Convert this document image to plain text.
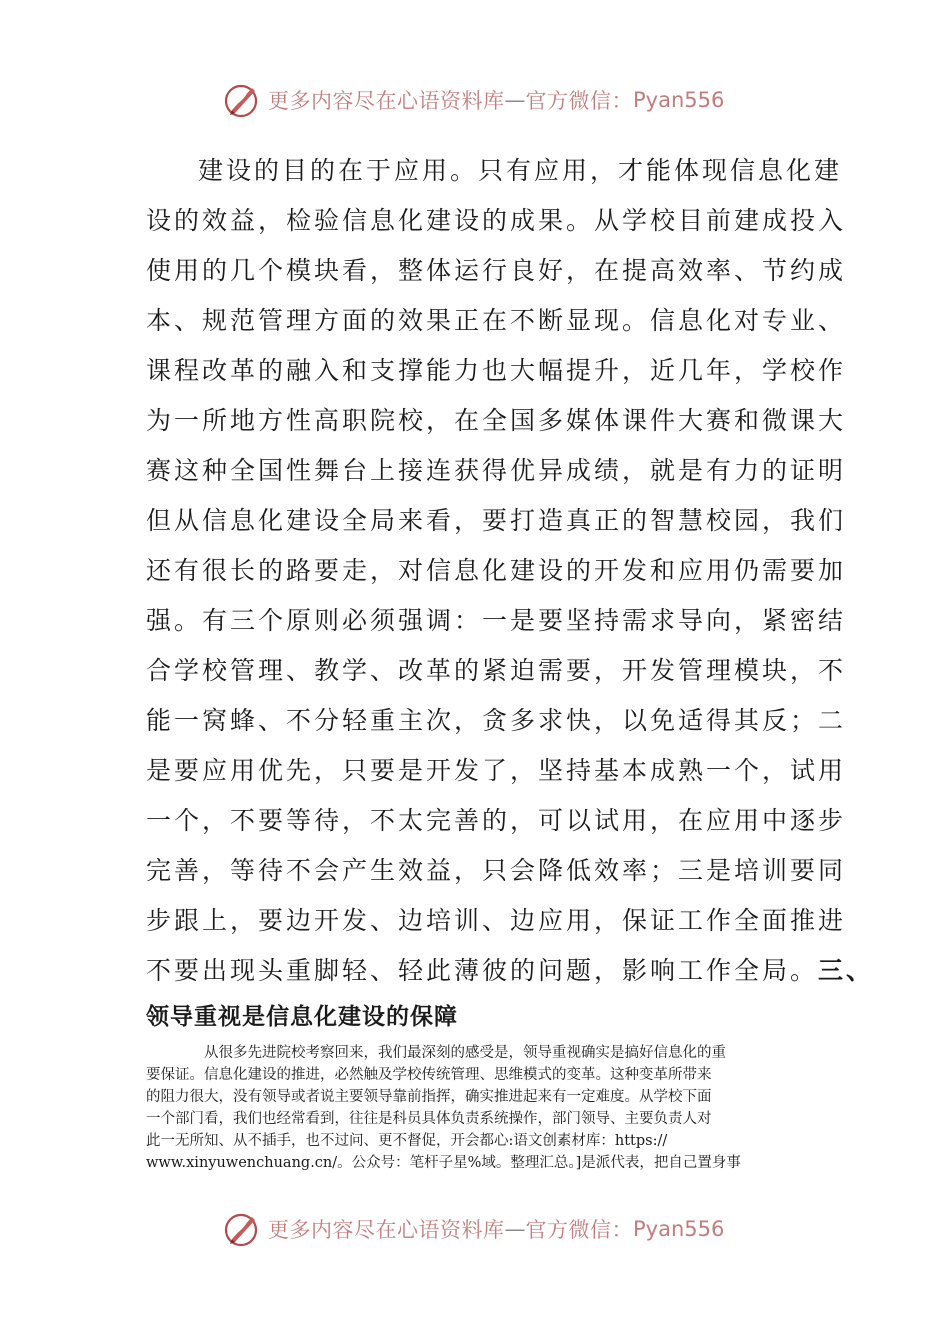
更多内容尽在心语资料库 — 官方微信： Pyan556
建设的目的在于应用。只有应用，才能体现信息化建
设的效益，检验信息化建设的成果。从学校目前建成投入
使用的几个模块看，整体运行良好，在提高效率、节约成
本、规范管理方面的效果正在不断显现。信息化对专业、
课程改革的融入和支撑能力也大幅提升，近几年，学校作
为一所地方性高职院校，在全国多媒体课件大赛和微课大
赛这种全国性舞台上接连获得优异成绩，就是有力的证明
但从信息化建设全局来看，要打造真正的智慧校园，我们
还有很长的路要走，对信息化建设的开发和应用仍需要加
强。有三个原则必须强调：一是要坚持需求导向，紧密结
合学校管理、教学、改革的紧迫需要，开发管理模块，不
能一窝蜂、不分轻重主次，贪多求快，以免适得其反；二
是要应用优先，只要是开发了，坚持基本成熟一个，试用
一个，不要等待，不太完善的，可以试用，在应用中逐步
完善，等待不会产生效益，只会降低效率；三是培训要同
步跟上，要边开发、边培训、边应用，保证工作全面推进
不要出现头重脚轻、轻此薄彼的问题，影响工作全局。三、
领导重视是信息化建设的保障
从很多先进院校考察回来，我们最深刻的感受是，领导重视确实是搞好信息化的重
要保证。信息化建设的推进，必然触及学校传统管理、思维模式的变革。这种变革所带来
的阻力很大，没有领导或者说主要领导靠前指挥，确实推进起来有一定难度。从学校下面
一个部门看，我们也经常看到，往往是科员具体负责系统操作，部门领导、主要负责人对
此一无所知、从不插手，也不过问、更不督促，开会都心:语文创素材库：https://
www.xinyuwenchuang.cn/。公众号：笔杆子星%域。整理汇总。]是派代表，把自己置身事
更多内容尽在心语资料库 — 官方微信： Pyan556
